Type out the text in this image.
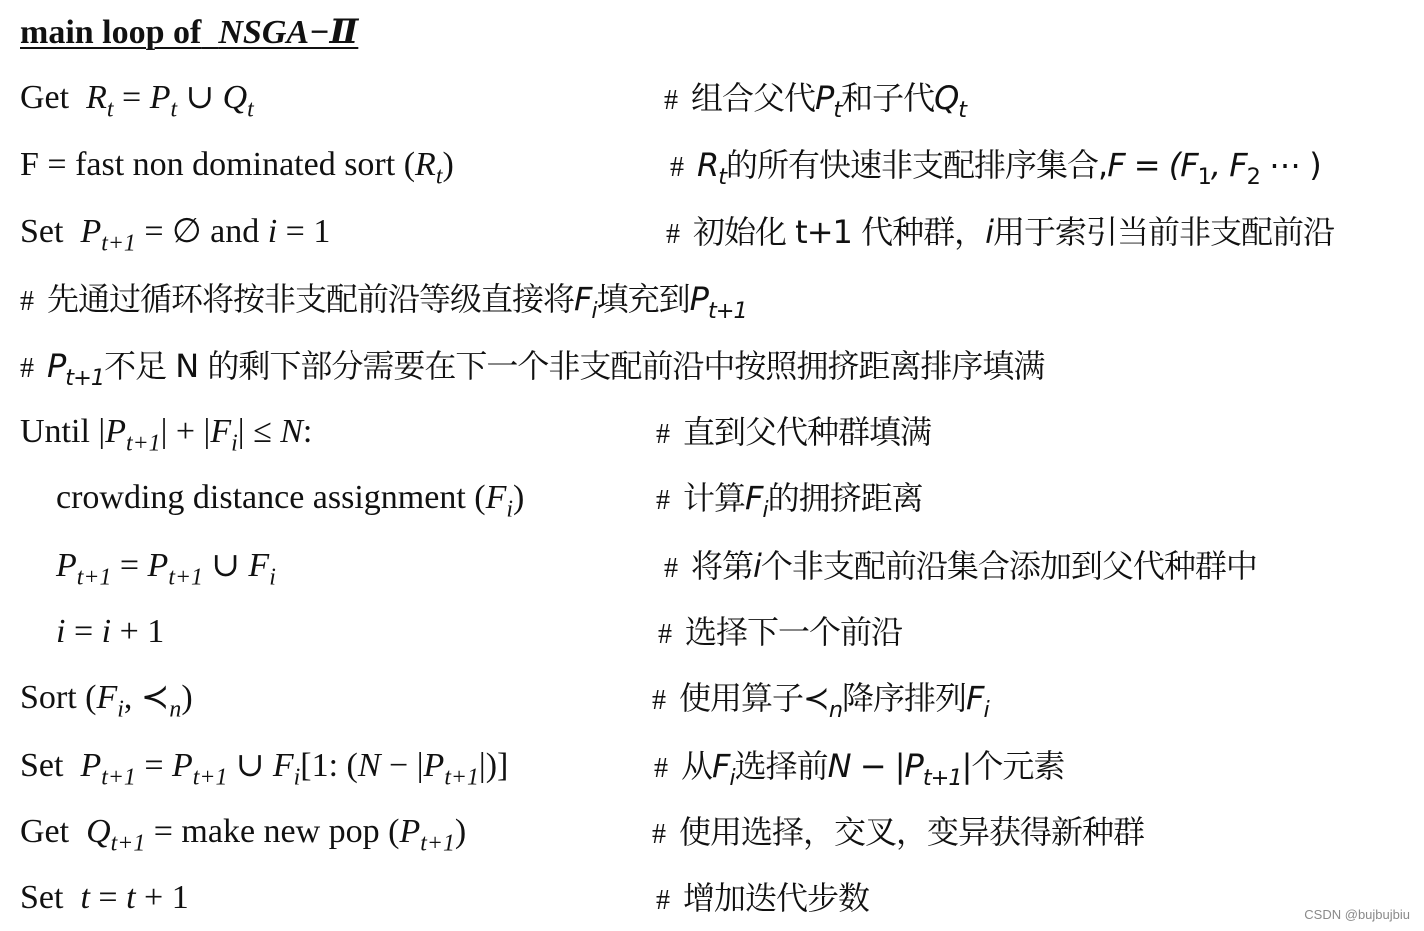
main loop of NSGA−Ⅱ
Get $R_t = P_t$ ∪ $Q_t$	# 组合父代$P_t$和子代$Q_t$
F = fast non dominated sort $(R_t)$	# $R_t$的所有快速非支配排序集合$,F = (F_1$, $F_2$ ⋯ )
Set $P_{t+1}$ = ∅ and i = 1	# 初始化 t+1 代种群，i用于索引当前非支配前沿
# 先通过循环将按非支配前沿等级直接将$F_i$填充到$P_{t+1}$
# $P_{t+1}$不足 N 的剩下部分需要在下一个非支配前沿中按照拥挤距离排序填满
Until $|P_{t+1}| + |F_i| \le N$:	# 直到父代种群填满
crowding distance assignment $(F_i)$	# 计算$F_i$的拥挤距离
$P_{t+1} = P_{t+1}$ ∪ $F_i$	# 将第i个非支配前沿集合添加到父代种群中
i = i + 1	# 选择下一个前沿
Sort ($F_i$, $≺_n$)	# 使用算子$≺_n$降序排列$F_i$
Set $P_{t+1} = P_{t+1}$ ∪ $F_i[1$: $(N - |P_{t+1}|)$]	# 从$F_i$选择前$N - |P_{t+1}|$个元素
Get $Q_{t+1}$ = make new pop $(P_{t+1})$	# 使用选择，交叉，变异获得新种群
Set t = t + 1	# 增加迭代步数	CSDN @bujbujbiu
